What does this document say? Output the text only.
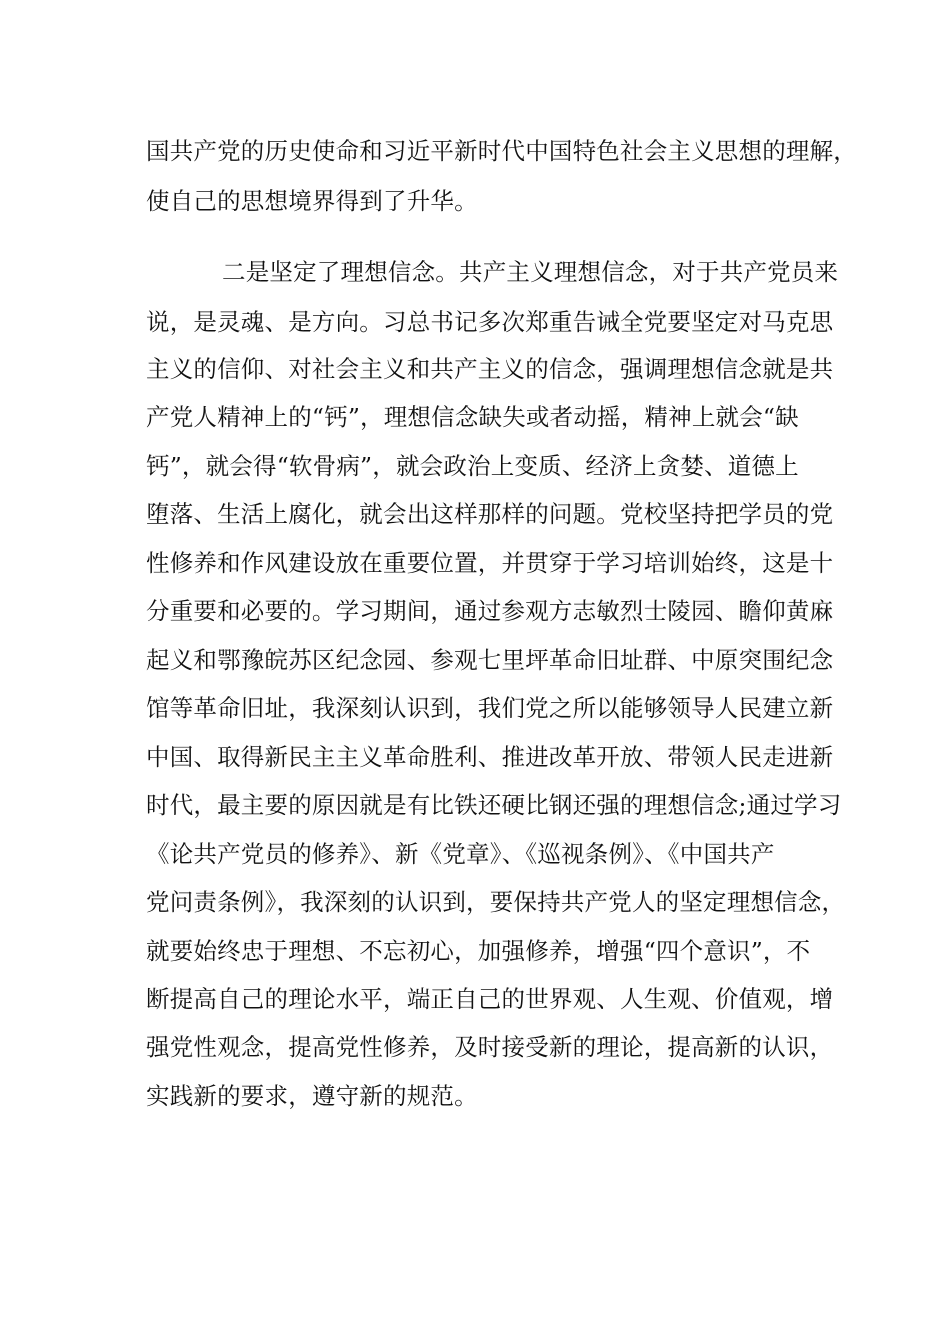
国共产党的历史使命和习近平新时代中国特色社会主义思想的理解，
使自己的思想境界得到了升华。
二是坚定了理想信念。共产主义理想信念，对于共产党员来
说，是灵魂、是方向。习总书记多次郑重告诫全党要坚定对马克思
主义的信仰、对社会主义和共产主义的信念，强调理想信念就是共
产党人精神上的“钙”，理想信念缺失或者动摇，精神上就会“缺
钙”，就会得“软骨病”，就会政治上变质、经济上贪婪、道德上
堕落、生活上腐化，就会出这样那样的问题。党校坚持把学员的党
性修养和作风建设放在重要位置，并贯穿于学习培训始终，这是十
分重要和必要的。学习期间，通过参观方志敏烈士陵园、瞻仰黄麻
起义和鄂豫皖苏区纪念园、参观七里坪革命旧址群、中原突围纪念
馆等革命旧址，我深刻认识到，我们党之所以能够领导人民建立新
中国、取得新民主主义革命胜利、推进改革开放、带领人民走进新
时代，最主要的原因就是有比铁还硬比钢还强的理想信念;通过学习
《论共产党员的修养》、新《党章》、《巡视条例》、《中国共产
党问责条例》，我深刻的认识到，要保持共产党人的坚定理想信念，
就要始终忠于理想、不忘初心，加强修养，增强“四个意识”，不
断提高自己的理论水平，端正自己的世界观、人生观、价值观，增
强党性观念，提高党性修养，及时接受新的理论，提高新的认识，
实践新的要求，遵守新的规范。
